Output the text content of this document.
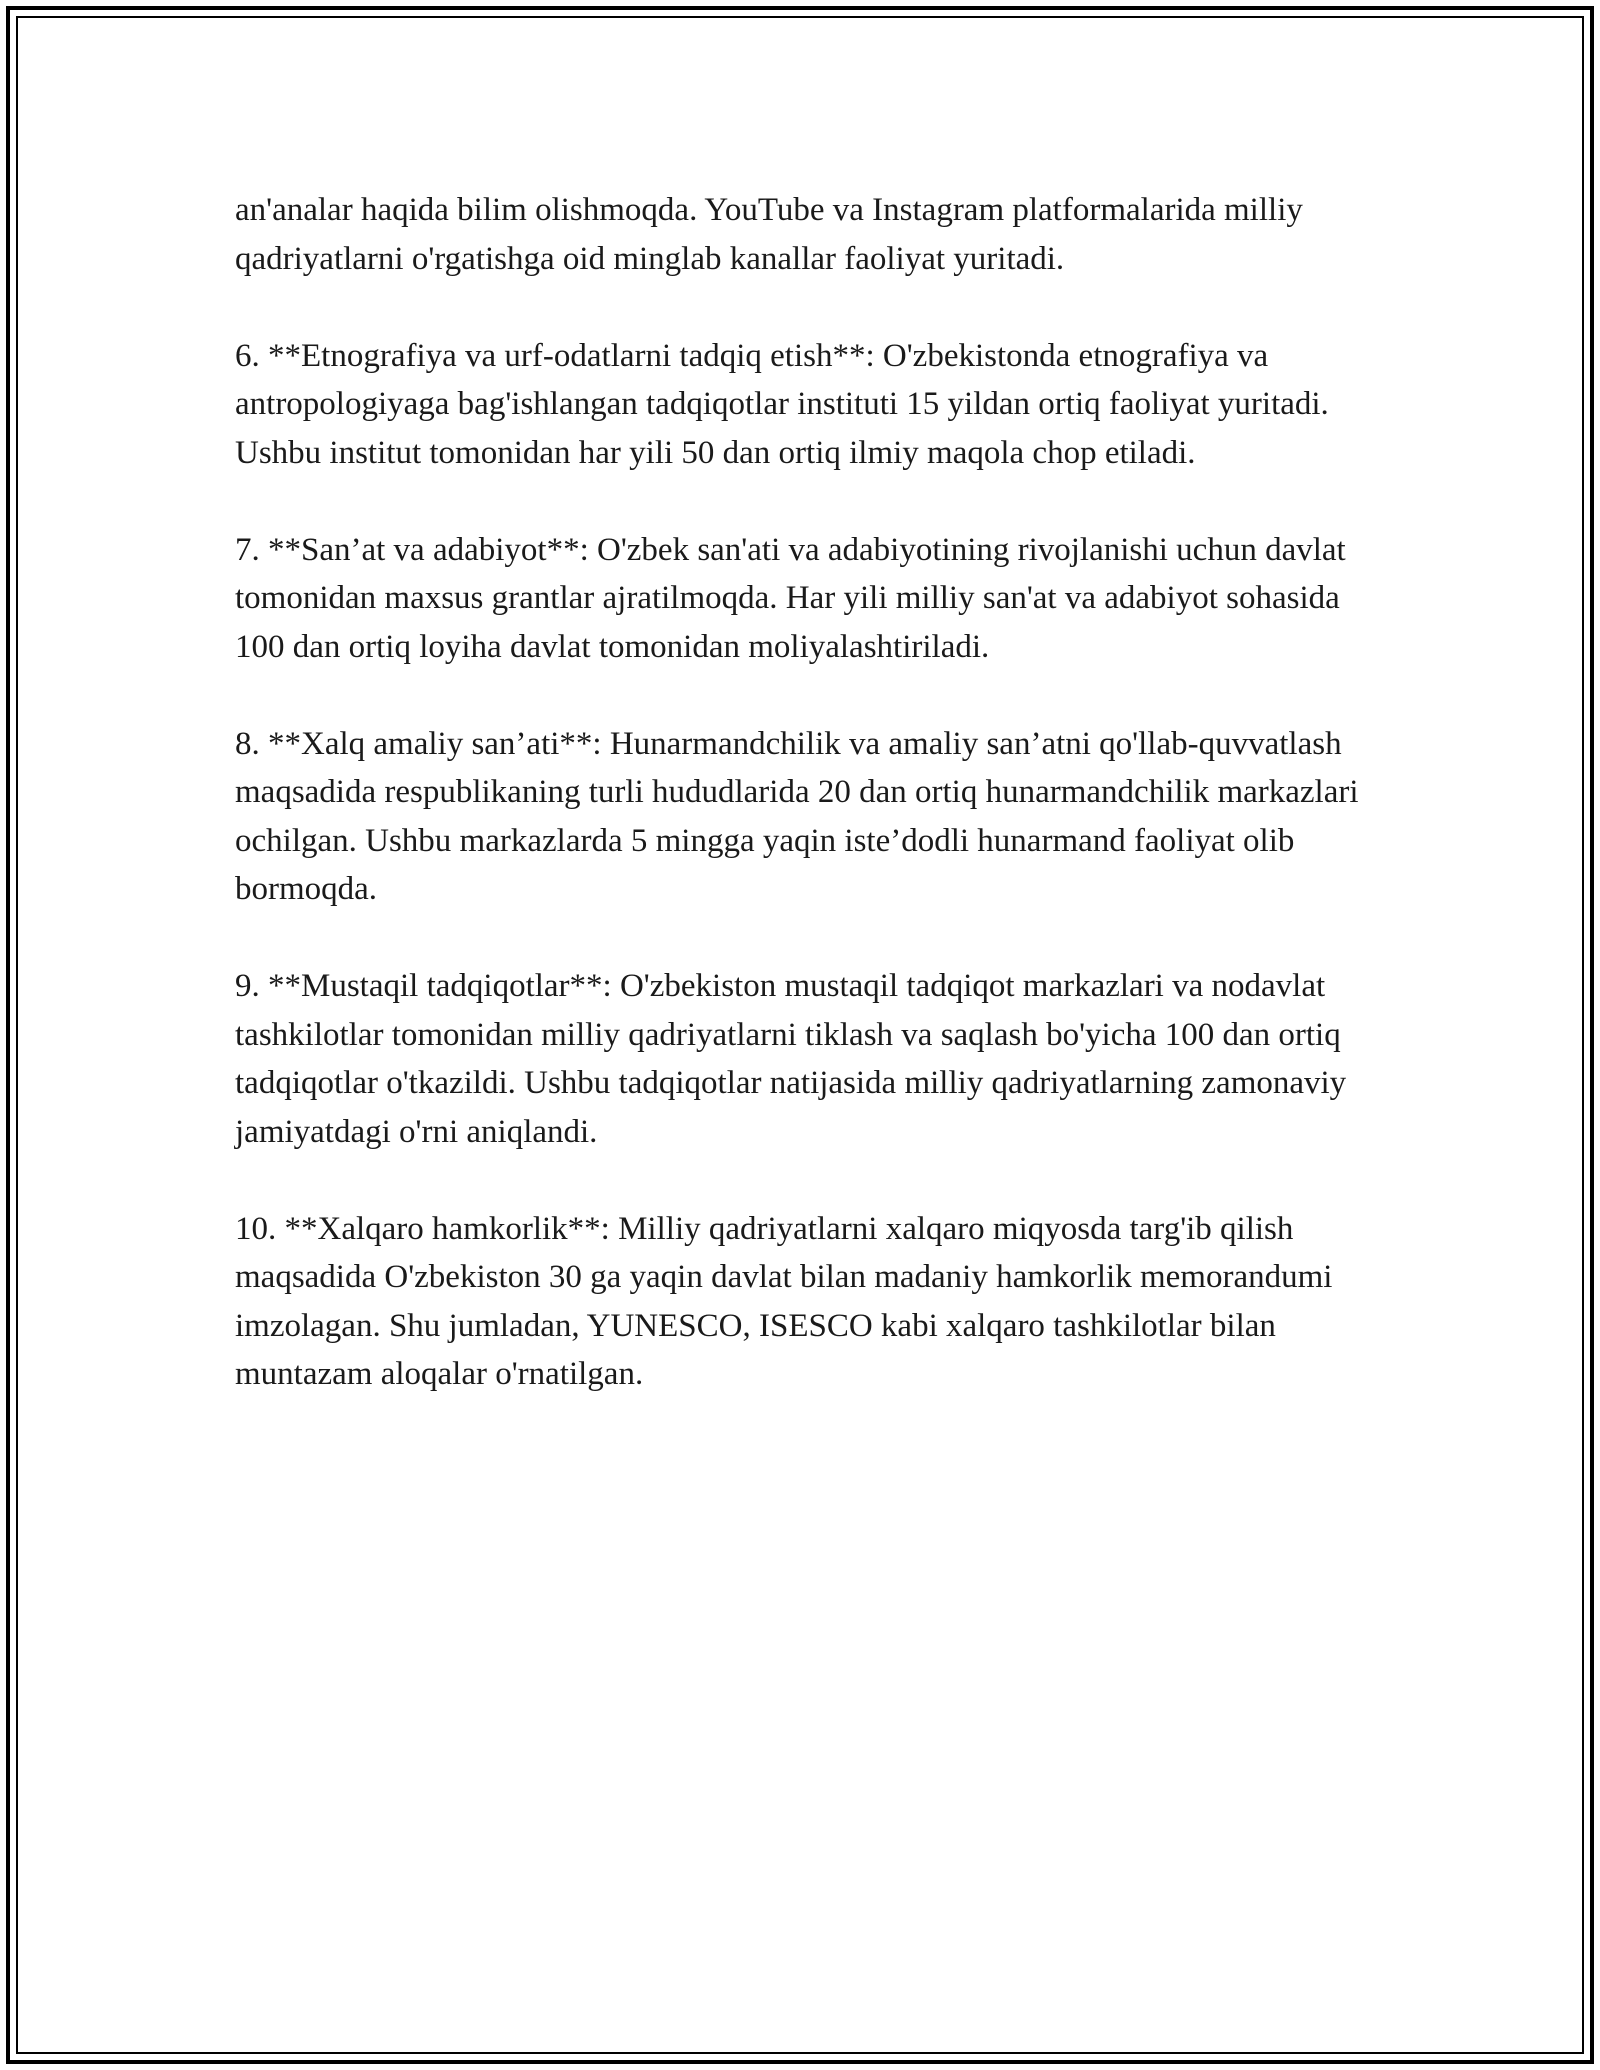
an'analar haqida bilim olishmoqda. YouTube va Instagram platformalarida milliy qadriyatlarni o'rgatishga oid minglab kanallar faoliyat yuritadi.

6. **Etnografiya va urf-odatlarni tadqiq etish**: O'zbekistonda etnografiya va antropologiyaga bag'ishlangan tadqiqotlar instituti 15 yildan ortiq faoliyat yuritadi. Ushbu institut tomonidan har yili 50 dan ortiq ilmiy maqola chop etiladi.

7. **San’at va adabiyot**: O'zbek san'ati va adabiyotining rivojlanishi uchun davlat tomonidan maxsus grantlar ajratilmoqda. Har yili milliy san'at va adabiyot sohasida 100 dan ortiq loyiha davlat tomonidan moliyalashtiriladi.

8. **Xalq amaliy san’ati**: Hunarmandchilik va amaliy san’atni qo'llab-quvvatlash maqsadida respublikaning turli hududlarida 20 dan ortiq hunarmandchilik markazlari ochilgan. Ushbu markazlarda 5 mingga yaqin iste’dodli hunarmand faoliyat olib bormoqda.

9. **Mustaqil tadqiqotlar**: O'zbekiston mustaqil tadqiqot markazlari va nodavlat tashkilotlar tomonidan milliy qadriyatlarni tiklash va saqlash bo'yicha 100 dan ortiq tadqiqotlar o'tkazildi. Ushbu tadqiqotlar natijasida milliy qadriyatlarning zamonaviy jamiyatdagi o'rni aniqlandi.

10. **Xalqaro hamkorlik**: Milliy qadriyatlarni xalqaro miqyosda targ'ib qilish maqsadida O'zbekiston 30 ga yaqin davlat bilan madaniy hamkorlik memorandumi imzolagan. Shu jumladan, YUNESCO, ISESCO kabi xalqaro tashkilotlar bilan muntazam aloqalar o'rnatilgan.
